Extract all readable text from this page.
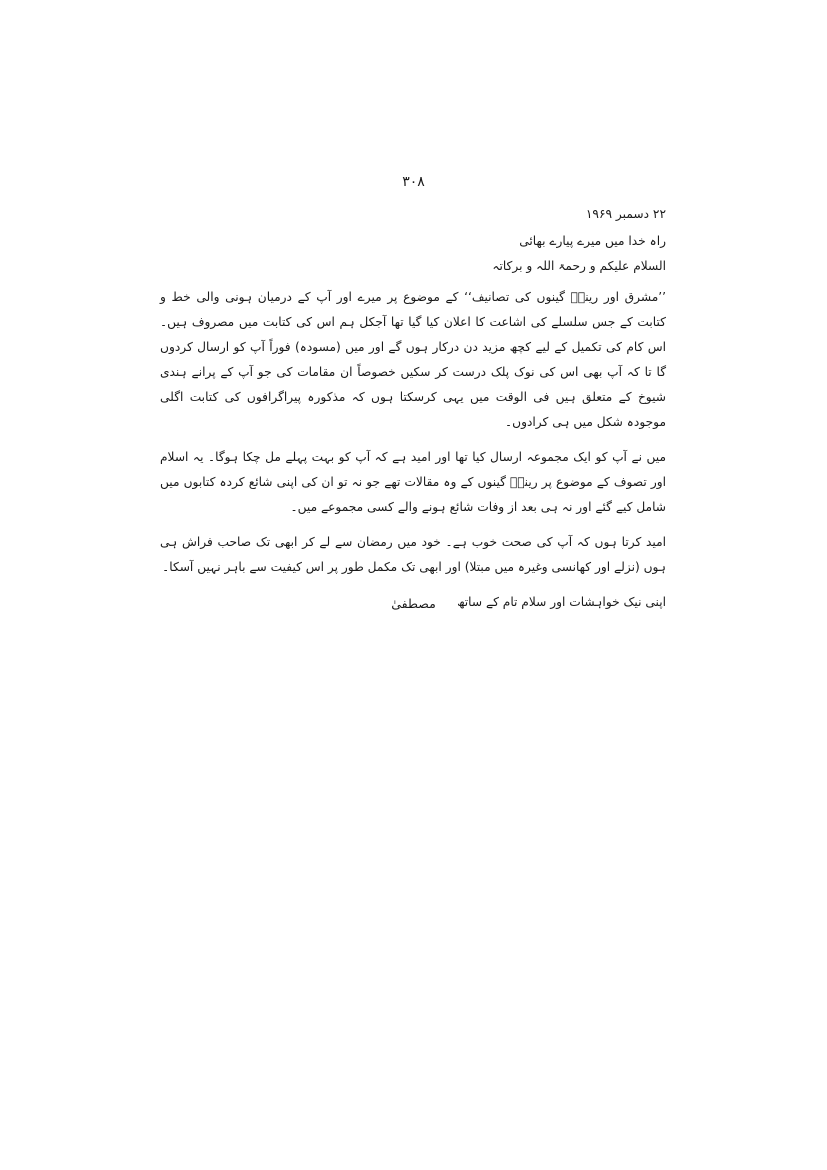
۳۰۸

۲۲ دسمبر ۱۹۶۹

راہ خدا میں میرے پیارے بھائی

السلام علیکم و رحمۃ اللہ و برکاتہ

’’مشرق اور رینےؔ گینوں کی تصانیف‘‘ کے موضوع پر میرے اور آپ کے درمیان ہونی والی خط و کتابت کے جس سلسلے کی اشاعت کا اعلان کیا گیا تھا آجکل ہم اس کی کتابت میں مصروف ہیں۔ اس کام کی تکمیل کے لیے کچھ مزید دن درکار ہوں گے اور میں (مسودہ) فوراً آپ کو ارسال کردوں گا تا کہ آپ بھی اس کی نوک پلک درست کر سکیں خصوصاً ان مقامات کی جو آپ کے پرانے ہندی شیوخ کے متعلق ہیں فی الوقت میں یہی کرسکتا ہوں کہ مذکورہ پیراگرافوں کی کتابت اگلی موجودہ شکل میں ہی کرادوں۔

میں نے آپ کو ایک مجموعہ ارسال کیا تھا اور امید ہے کہ آپ کو بہت پہلے مل چکا ہوگا۔ یہ اسلام اور تصوف کے موضوع پر رینےؔ گینوں کے وہ مقالات تھے جو نہ تو ان کی اپنی شائع کردہ کتابوں میں شامل کیے گئے اور نہ ہی بعد از وفات شائع ہونے والے کسی مجموعے میں۔

امید کرتا ہوں کہ آپ کی صحت خوب ہے۔ خود میں رمضان سے لے کر ابھی تک صاحب فراش ہی ہوں (نزلے اور کھانسی وغیرہ میں مبتلا) اور ابھی تک مکمل طور پر اس کیفیت سے باہر نہیں آسکا۔

اپنی نیک خواہشات اور سلام تام کے ساتھ

مصطفیٰ
